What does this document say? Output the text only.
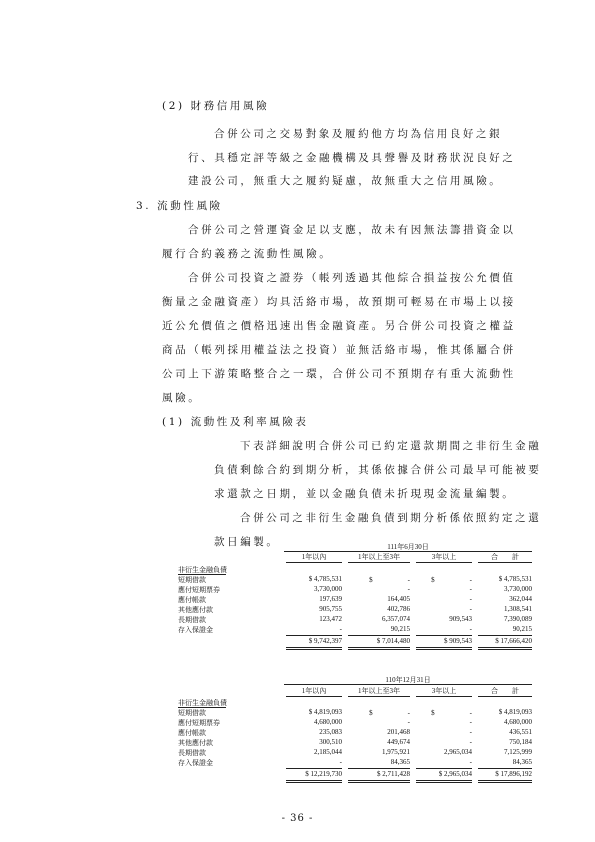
(2) 財務信用風險
合併公司之交易對象及履約他方均為信用良好之銀
行、具穩定評等級之金融機構及具聲譽及財務狀況良好之
建設公司，無重大之履約疑慮，故無重大之信用風險。
3. 流動性風險
合併公司之營運資金足以支應，故未有因無法籌措資金以
履行合約義務之流動性風險。
合併公司投資之證券（帳列透過其他綜合損益按公允價值
衡量之金融資產）均具活絡市場，故預期可輕易在市場上以接
近公允價值之價格迅速出售金融資產。另合併公司投資之權益
商品（帳列採用權益法之投資）並無活絡市場，惟其係屬合併
公司上下游策略整合之一環，合併公司不預期存有重大流動性
風險。
(1) 流動性及利率風險表
下表詳細說明合併公司已約定還款期間之非衍生金融
負債剩餘合約到期分析，其係依據合併公司最早可能被要
求還款之日期，並以金融負債未折現現金流量編製。
合併公司之非衍生金融負債到期分析係依照約定之還
款日編製。	111年6月30日
1年以內	1年以上至3年	3年以上	合　　計
非衍生金融負債
短期借款	$ 4,785,531	$　　　　　-	$　　　　　-	$ 4,785,531
應付短期票券	3,730,000	-	-	3,730,000
應付帳款	197,639	164,405	-	362,044
其他應付款	905,755	402,786	-	1,308,541
長期借款	123,472	6,357,074	909,543	7,390,089
存入保證金	-	90,215	-	90,215
$ 9,742,397	$ 7,014,480	$ 909,543	$ 17,666,420
110年12月31日
1年以內	1年以上至3年	3年以上	合　　計
非衍生金融負債
短期借款	$ 4,819,093	$　　　　　-	$　　　　　-	$ 4,819,093
應付短期票券	4,680,000	-	-	4,680,000
應付帳款	235,083	201,468	-	436,551
其他應付款	300,510	449,674	-	750,184
長期借款	2,185,044	1,975,921	2,965,034	7,125,999
存入保證金	-	84,365	-	84,365
$ 12,219,730	$ 2,711,428	$ 2,965,034	$ 17,896,192
- 36 -
